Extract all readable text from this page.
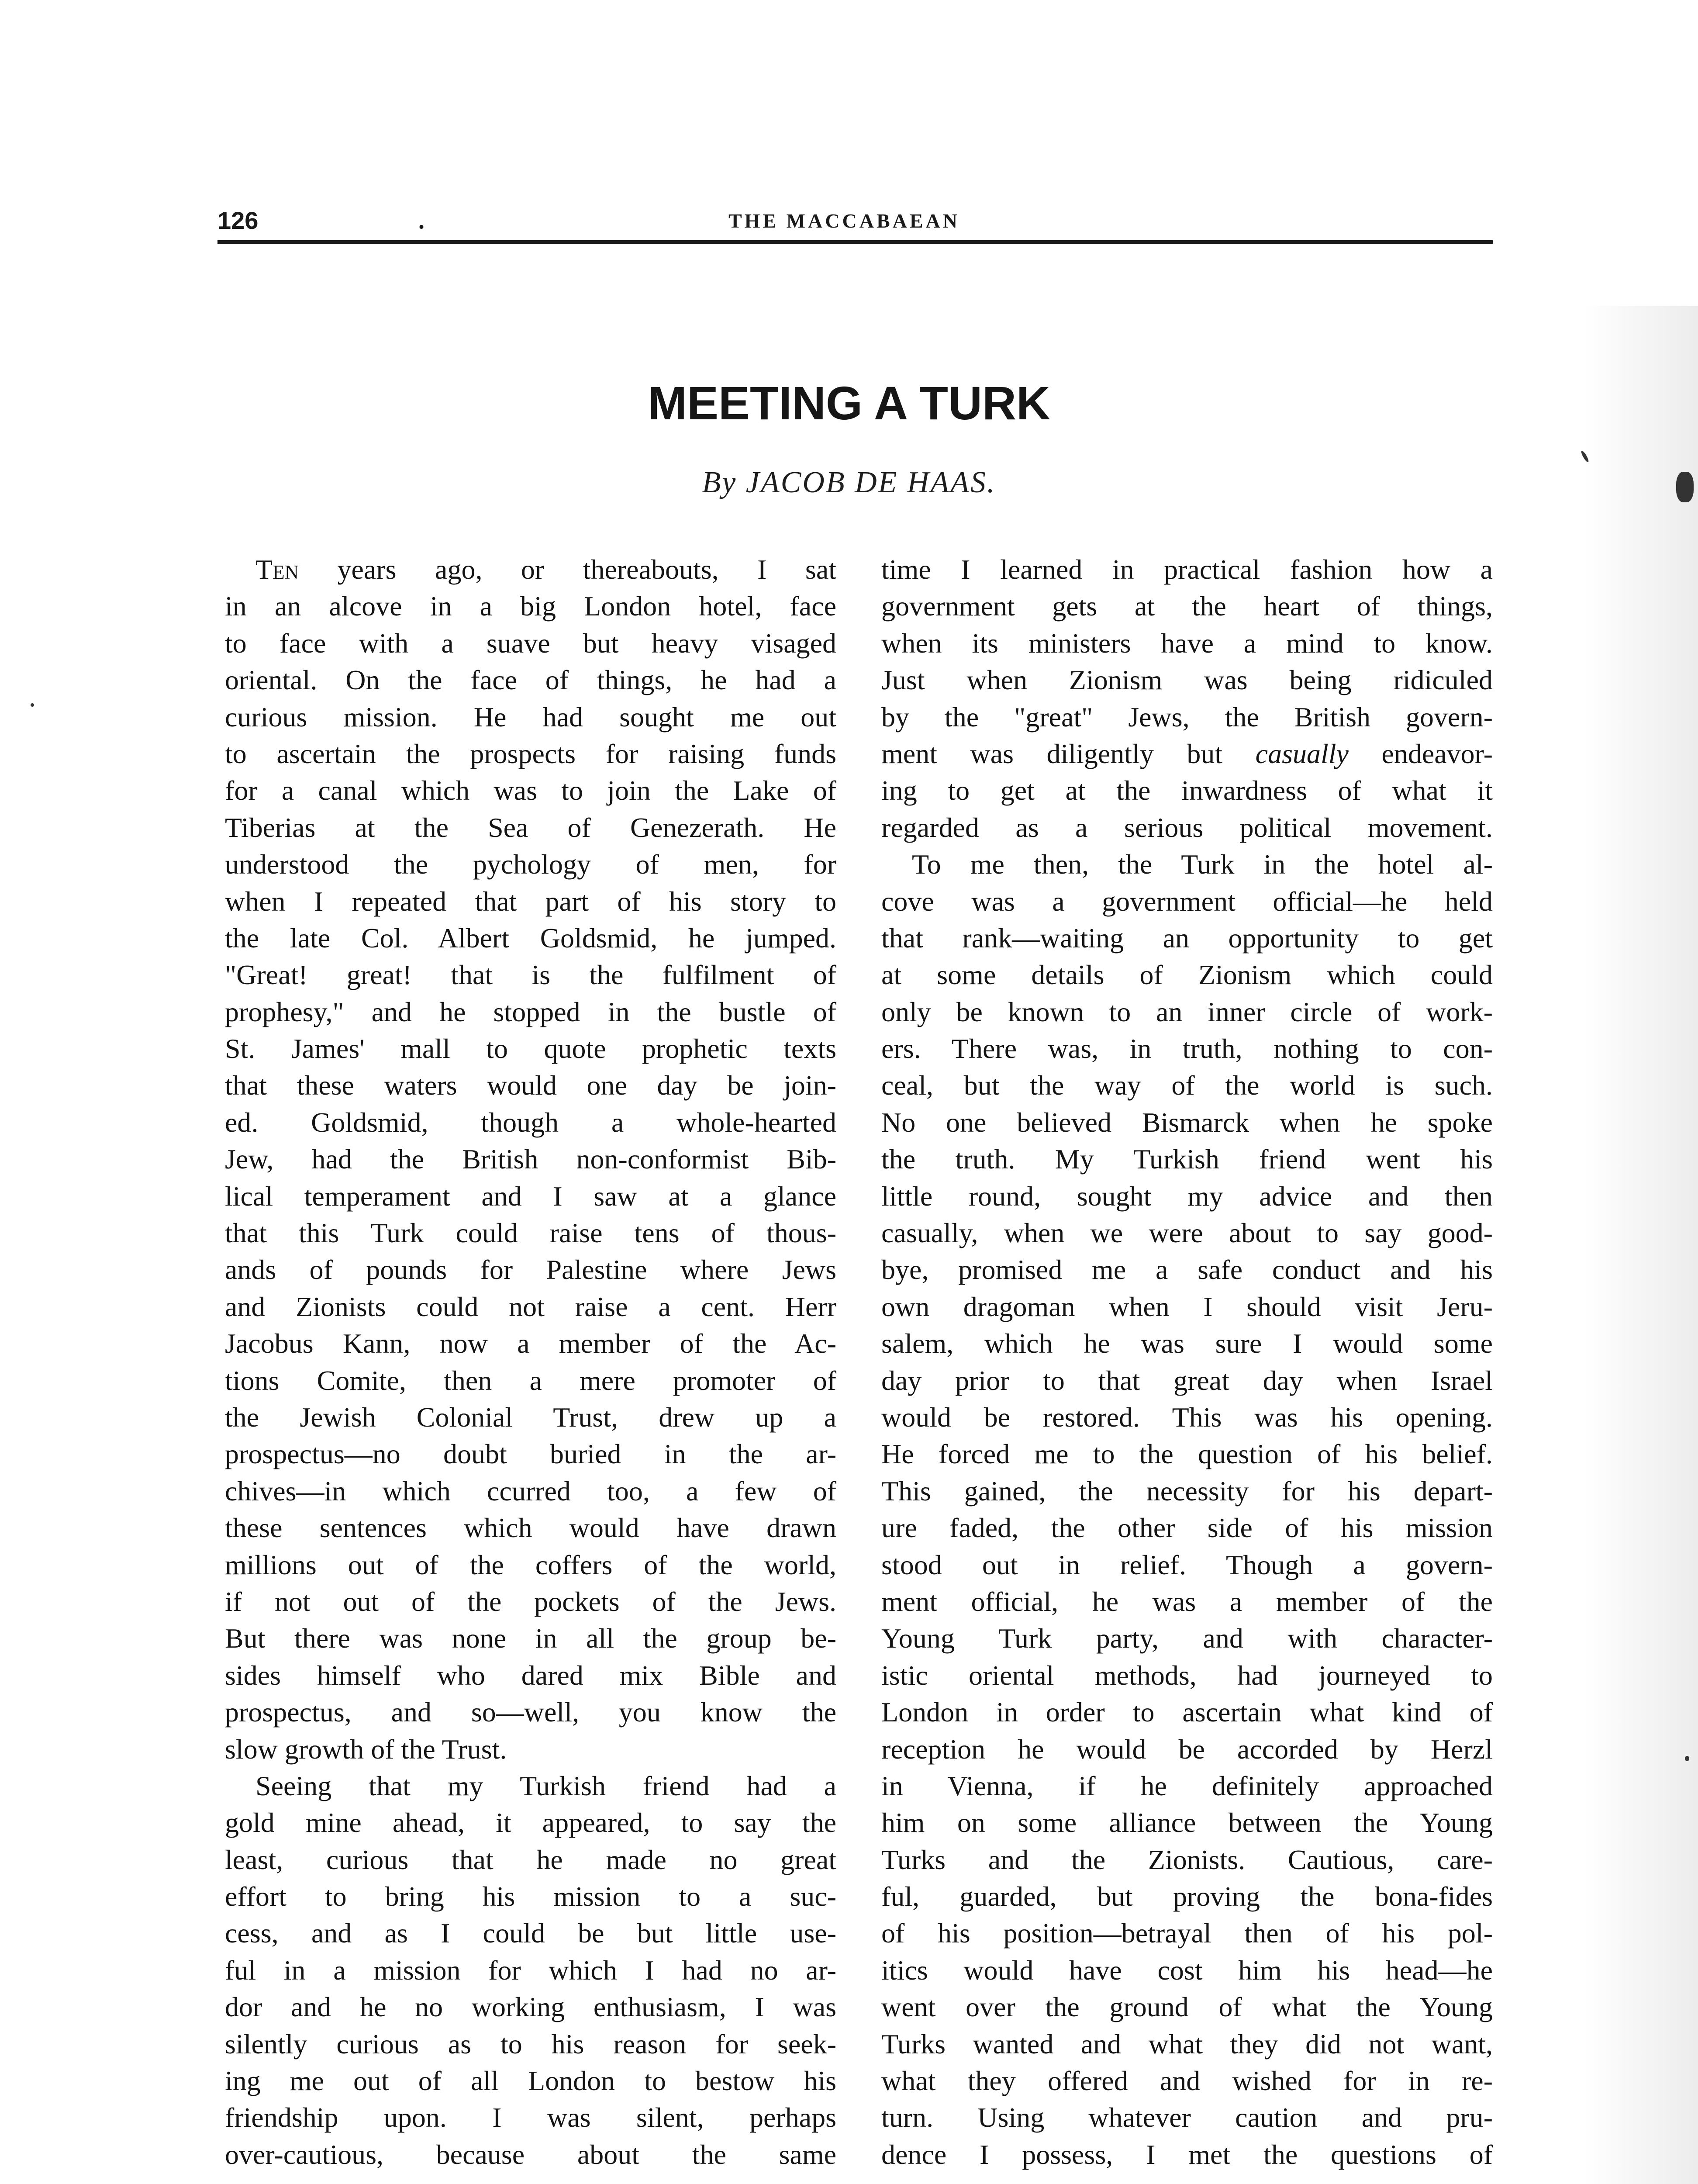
126	.	THE MACCABAEAN
MEETING A TURK
By JACOB DE HAAS.
Ten years ago, or thereabouts, I sat
in an alcove in a big London hotel, face
to face with a suave but heavy visaged
oriental. On the face of things, he had a
curious mission. He had sought me out
to ascertain the prospects for raising funds
for a canal which was to join the Lake of
Tiberias at the Sea of Genezerath. He
understood the pychology of men, for
when I repeated that part of his story to
the late Col. Albert Goldsmid, he jumped.
"Great! great! that is the fulfilment of
prophesy," and he stopped in the bustle of
St. James' mall to quote prophetic texts
that these waters would one day be join-
ed. Goldsmid, though a whole-hearted
Jew, had the British non-conformist Bib-
lical temperament and I saw at a glance
that this Turk could raise tens of thous-
ands of pounds for Palestine where Jews
and Zionists could not raise a cent. Herr
Jacobus Kann, now a member of the Ac-
tions Comite, then a mere promoter of
the Jewish Colonial Trust, drew up a
prospectus—no doubt buried in the ar-
chives—in which ccurred too, a few of
these sentences which would have drawn
millions out of the coffers of the world,
if not out of the pockets of the Jews.
But there was none in all the group be-
sides himself who dared mix Bible and
prospectus, and so—well, you know the
slow growth of the Trust.
Seeing that my Turkish friend had a
gold mine ahead, it appeared, to say the
least, curious that he made no great
effort to bring his mission to a suc-
cess, and as I could be but little use-
ful in a mission for which I had no ar-
dor and he no working enthusiasm, I was
silently curious as to his reason for seek-
ing me out of all London to bestow his
friendship upon. I was silent, perhaps
over-cautious, because about the same
time I learned in practical fashion how a
government gets at the heart of things,
when its ministers have a mind to know.
Just when Zionism was being ridiculed
by the "great" Jews, the British govern-
ment was diligently but casually endeavor-
ing to get at the inwardness of what it
regarded as a serious political movement.
To me then, the Turk in the hotel al-
cove was a government official—he held
that rank—waiting an opportunity to get
at some details of Zionism which could
only be known to an inner circle of work-
ers. There was, in truth, nothing to con-
ceal, but the way of the world is such.
No one believed Bismarck when he spoke
the truth. My Turkish friend went his
little round, sought my advice and then
casually, when we were about to say good-
bye, promised me a safe conduct and his
own dragoman when I should visit Jeru-
salem, which he was sure I would some
day prior to that great day when Israel
would be restored. This was his opening.
He forced me to the question of his belief.
This gained, the necessity for his depart-
ure faded, the other side of his mission
stood out in relief. Though a govern-
ment official, he was a member of the
Young Turk party, and with character-
istic oriental methods, had journeyed to
London in order to ascertain what kind of
reception he would be accorded by Herzl
in Vienna, if he definitely approached
him on some alliance between the Young
Turks and the Zionists. Cautious, care-
ful, guarded, but proving the bona-fides
of his position—betrayal then of his pol-
itics would have cost him his head—he
went over the ground of what the Young
Turks wanted and what they did not want,
what they offered and wished for in re-
turn. Using whatever caution and pru-
dence I possess, I met the questions of
